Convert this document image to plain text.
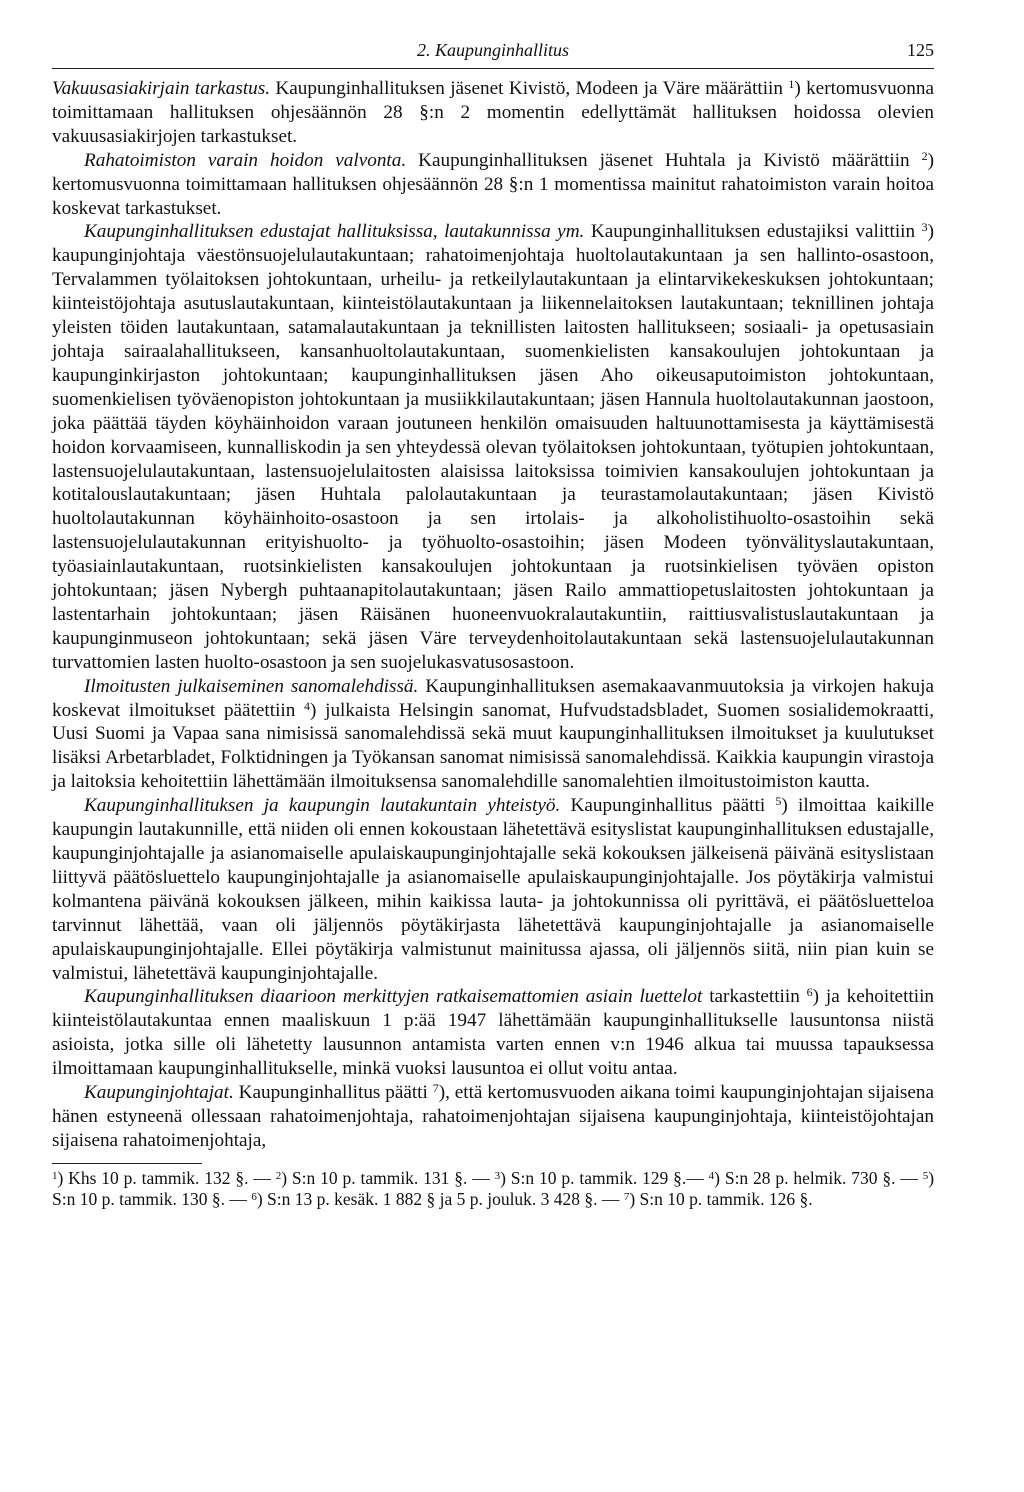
2. Kaupunginhallitus	125

Vakuusasiakirjain tarkastus. Kaupunginhallituksen jäsenet Kivistö, Modeen ja Väre määrättiin $^1$) kertomusvuonna toimittamaan hallituksen ohjesäännön 28 §:n 2 momentin edellyttämät hallituksen hoidossa olevien vakuusasiakirjojen tarkastukset.

Rahatoimiston varain hoidon valvonta. Kaupunginhallituksen jäsenet Huhtala ja Kivistö määrättiin $^2$) kertomusvuonna toimittamaan hallituksen ohjesäännön 28 §:n 1 momentissa mainitut rahatoimiston varain hoitoa koskevat tarkastukset.

Kaupunginhallituksen edustajat hallituksissa, lautakunnissa ym. Kaupunginhallituksen edustajiksi valittiin $^3$) kaupunginjohtaja väestönsuojelulautakuntaan; rahatoimenjohtaja huoltolautakuntaan ja sen hallinto-osastoon, Tervalammen työlaitoksen johtokuntaan, urheilu- ja retkeilylautakuntaan ja elintarvikekeskuksen johtokuntaan; kiinteistöjohtaja asutuslautakuntaan, kiinteistölautakuntaan ja liikennelaitoksen lautakuntaan; teknillinen johtaja yleisten töiden lautakuntaan, satamalautakuntaan ja teknillisten laitosten hallitukseen; sosiaali- ja opetusasiain johtaja sairaalahallitukseen, kansanhuoltolautakuntaan, suomenkielisten kansakoulujen johtokuntaan ja kaupunginkirjaston johtokuntaan; kaupunginhallituksen jäsen Aho oikeusaputoimiston johtokuntaan, suomenkielisen työväenopiston johtokuntaan ja musiikkilautakuntaan; jäsen Hannula huoltolautakunnan jaostoon, joka päättää täyden köyhäinhoidon varaan joutuneen henkilön omaisuuden haltuunottamisesta ja käyttämisestä hoidon korvaamiseen, kunnalliskodin ja sen yhteydessä olevan työlaitoksen johtokuntaan, työtupien johtokuntaan, lastensuojelulautakuntaan, lastensuojelulaitosten alaisissa laitoksissa toimivien kansakoulujen johtokuntaan ja kotitalouslautakuntaan; jäsen Huhtala palolautakuntaan ja teurastamolautakuntaan; jäsen Kivistö huoltolautakunnan köyhäinhoito-osastoon ja sen irtolais- ja alkoholistihuolto-osastoihin sekä lastensuojelulautakunnan erityishuolto- ja työhuolto-osastoihin; jäsen Modeen työnvälityslautakuntaan, työasiainlautakuntaan, ruotsinkielisten kansakoulujen johtokuntaan ja ruotsinkielisen työväen opiston johtokuntaan; jäsen Nybergh puhtaanapitolautakuntaan; jäsen Railo ammattiopetuslaitosten johtokuntaan ja lastentarhain johtokuntaan; jäsen Räisänen huoneenvuokralautakuntiin, raittiusvalistuslautakuntaan ja kaupunginmuseon johtokuntaan; sekä jäsen Väre terveydenhoitolautakuntaan sekä lastensuojelulautakunnan turvattomien lasten huolto-osastoon ja sen suojelukasvatusosastoon.

Ilmoitusten julkaiseminen sanomalehdissä. Kaupunginhallituksen asemakaavanmuutoksia ja virkojen hakuja koskevat ilmoitukset päätettiin $^4$) julkaista Helsingin sanomat, Hufvudstadsbladet, Suomen sosialidemokraatti, Uusi Suomi ja Vapaa sana nimisissä sanomalehdissä sekä muut kaupunginhallituksen ilmoitukset ja kuulutukset lisäksi Arbetarbladet, Folktidningen ja Työkansan sanomat nimisissä sanomalehdissä. Kaikkia kaupungin virastoja ja laitoksia kehoitettiin lähettämään ilmoituksensa sanomalehdille sanomalehtien ilmoitustoimiston kautta.

Kaupunginhallituksen ja kaupungin lautakuntain yhteistyö. Kaupunginhallitus päätti $^5$) ilmoittaa kaikille kaupungin lautakunnille, että niiden oli ennen kokoustaan lähetettävä esityslistat kaupunginhallituksen edustajalle, kaupunginjohtajalle ja asianomaiselle apulaiskaupunginjohtajalle sekä kokouksen jälkeisenä päivänä esityslistaan liittyvä päätösluettelo kaupunginjohtajalle ja asianomaiselle apulaiskaupunginjohtajalle. Jos pöytäkirja valmistui kolmantena päivänä kokouksen jälkeen, mihin kaikissa lauta- ja johtokunnissa oli pyrittävä, ei päätösluetteloa tarvinnut lähettää, vaan oli jäljennös pöytäkirjasta lähetettävä kaupunginjohtajalle ja asianomaiselle apulaiskaupunginjohtajalle. Ellei pöytäkirja valmistunut mainitussa ajassa, oli jäljennös siitä, niin pian kuin se valmistui, lähetettävä kaupunginjohtajalle.

Kaupunginhallituksen diaarioon merkittyjen ratkaisemattomien asiain luettelot tarkastettiin $^6$) ja kehoitettiin kiinteistölautakuntaa ennen maaliskuun 1 p:ää 1947 lähettämään kaupunginhallitukselle lausuntonsa niistä asioista, jotka sille oli lähetetty lausunnon antamista varten ennen v:n 1946 alkua tai muussa tapauksessa ilmoittamaan kaupunginhallitukselle, minkä vuoksi lausuntoa ei ollut voitu antaa.

Kaupunginjohtajat. Kaupunginhallitus päätti $^7$), että kertomusvuoden aikana toimi kaupunginjohtajan sijaisena hänen estyneenä ollessaan rahatoimenjohtaja, rahatoimenjohtajan sijaisena kaupunginjohtaja, kiinteistöjohtajan sijaisena rahatoimenjohtaja,

$^1$) Khs 10 p. tammik. 132 §. — $^2$) S:n 10 p. tammik. 131 §. — $^3$) S:n 10 p. tammik. 129 §.— $^4$) S:n 28 p. helmik. 730 §. — $^5$) S:n 10 p. tammik. 130 §. — $^6$) S:n 13 p. kesäk. 1 882 § ja 5 p. jouluk. 3 428 §. — $^7$) S:n 10 p. tammik. 126 §.
